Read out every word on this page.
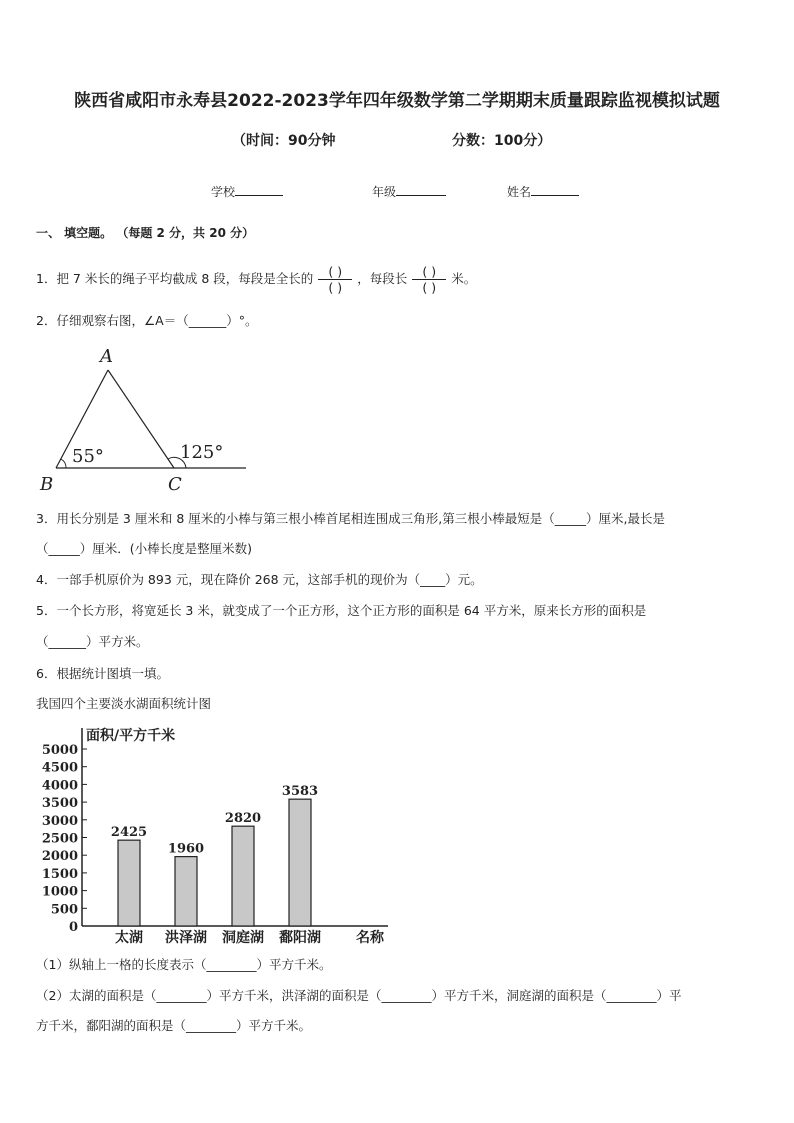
陕西省咸阳市永寿县2022-2023学年四年级数学第二学期期末质量跟踪监视模拟试题
（时间：90分钟	分数：100分）
学校	年级	姓名
一、 填空题。 （每题 2 分，共 20 分）
1．把 7 米长的绳子平均截成 8 段，每段是全长的 $\frac{( )}{( )}$ ，每段长 $\frac{( )}{( )}$ 米。
2．仔细观察右图，∠A＝（______）°。
A
B	C
55°	125°
3．用长分别是 3 厘米和 8 厘米的小棒与第三根小棒首尾相连围成三角形,第三根小棒最短是（_____）厘米,最长是
（_____）厘米．(小棒长度是整厘米数)
4．一部手机原价为 893 元，现在降价 268 元，这部手机的现价为（____）元。
5．一个长方形，将宽延长 3 米，就变成了一个正方形，这个正方形的面积是 64 平方米，原来长方形的面积是
（______）平方米。
6．根据统计图填一填。
我国四个主要淡水湖面积统计图
0
500
1000
1500
2000
2500
3000
3500
4000
4500
5000
2425
太湖
1960
洪泽湖
2820
洞庭湖
3583
鄱阳湖
面积/平方千米
名称
（1）纵轴上一格的长度表示（________）平方千米。
（2）太湖的面积是（________）平方千米，洪泽湖的面积是（________）平方千米，洞庭湖的面积是（________）平
方千米，鄱阳湖的面积是（________）平方千米。
